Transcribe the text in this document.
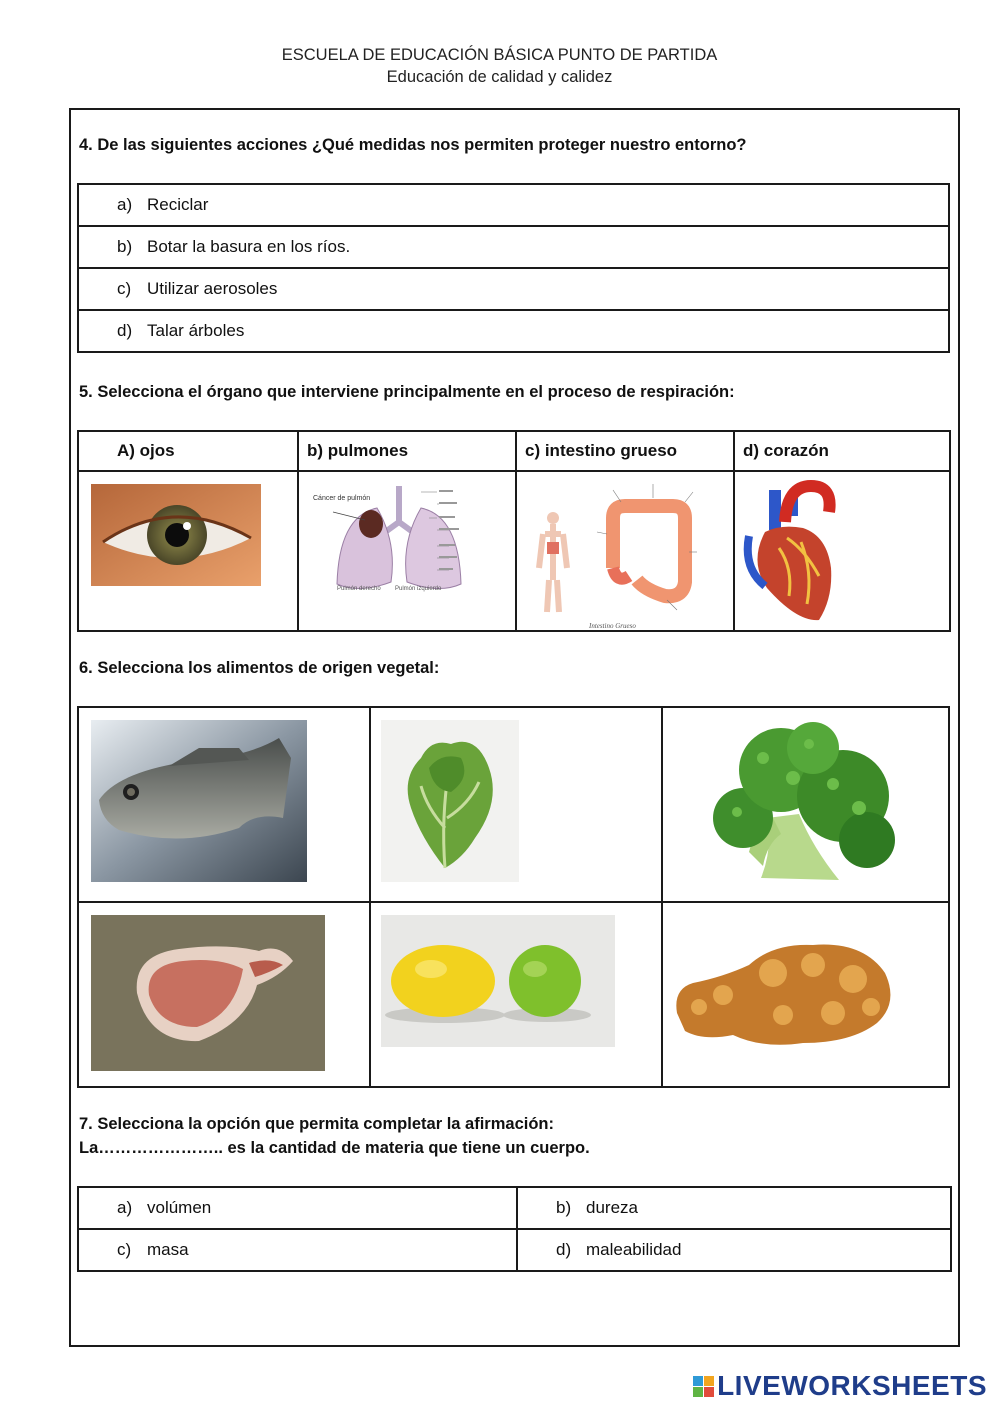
ESCUELA DE EDUCACIÓN BÁSICA PUNTO DE PARTIDA
Educación de calidad y calidez
4. De las siguientes acciones ¿Qué medidas nos permiten proteger nuestro entorno?
a) Reciclar
b) Botar la basura en los ríos.
c) Utilizar aerosoles
d) Talar árboles
5. Selecciona el órgano que interviene principalmente en el proceso de respiración:
A) ojos	b) pulmones	c) intestino grueso	d) corazón

Cáncer de pulmón
Pulmón derecho Pulmón izquierdo	Intestino Grueso

6. Selecciona los alimentos de origen vegetal:

7. Selecciona la opción que permita completar la afirmación:
La………………….. es la cantidad de materia que tiene un cuerpo.
a) volúmen	b) dureza
c) masa	d) maleabilidad
LIVEWORKSHEETS
